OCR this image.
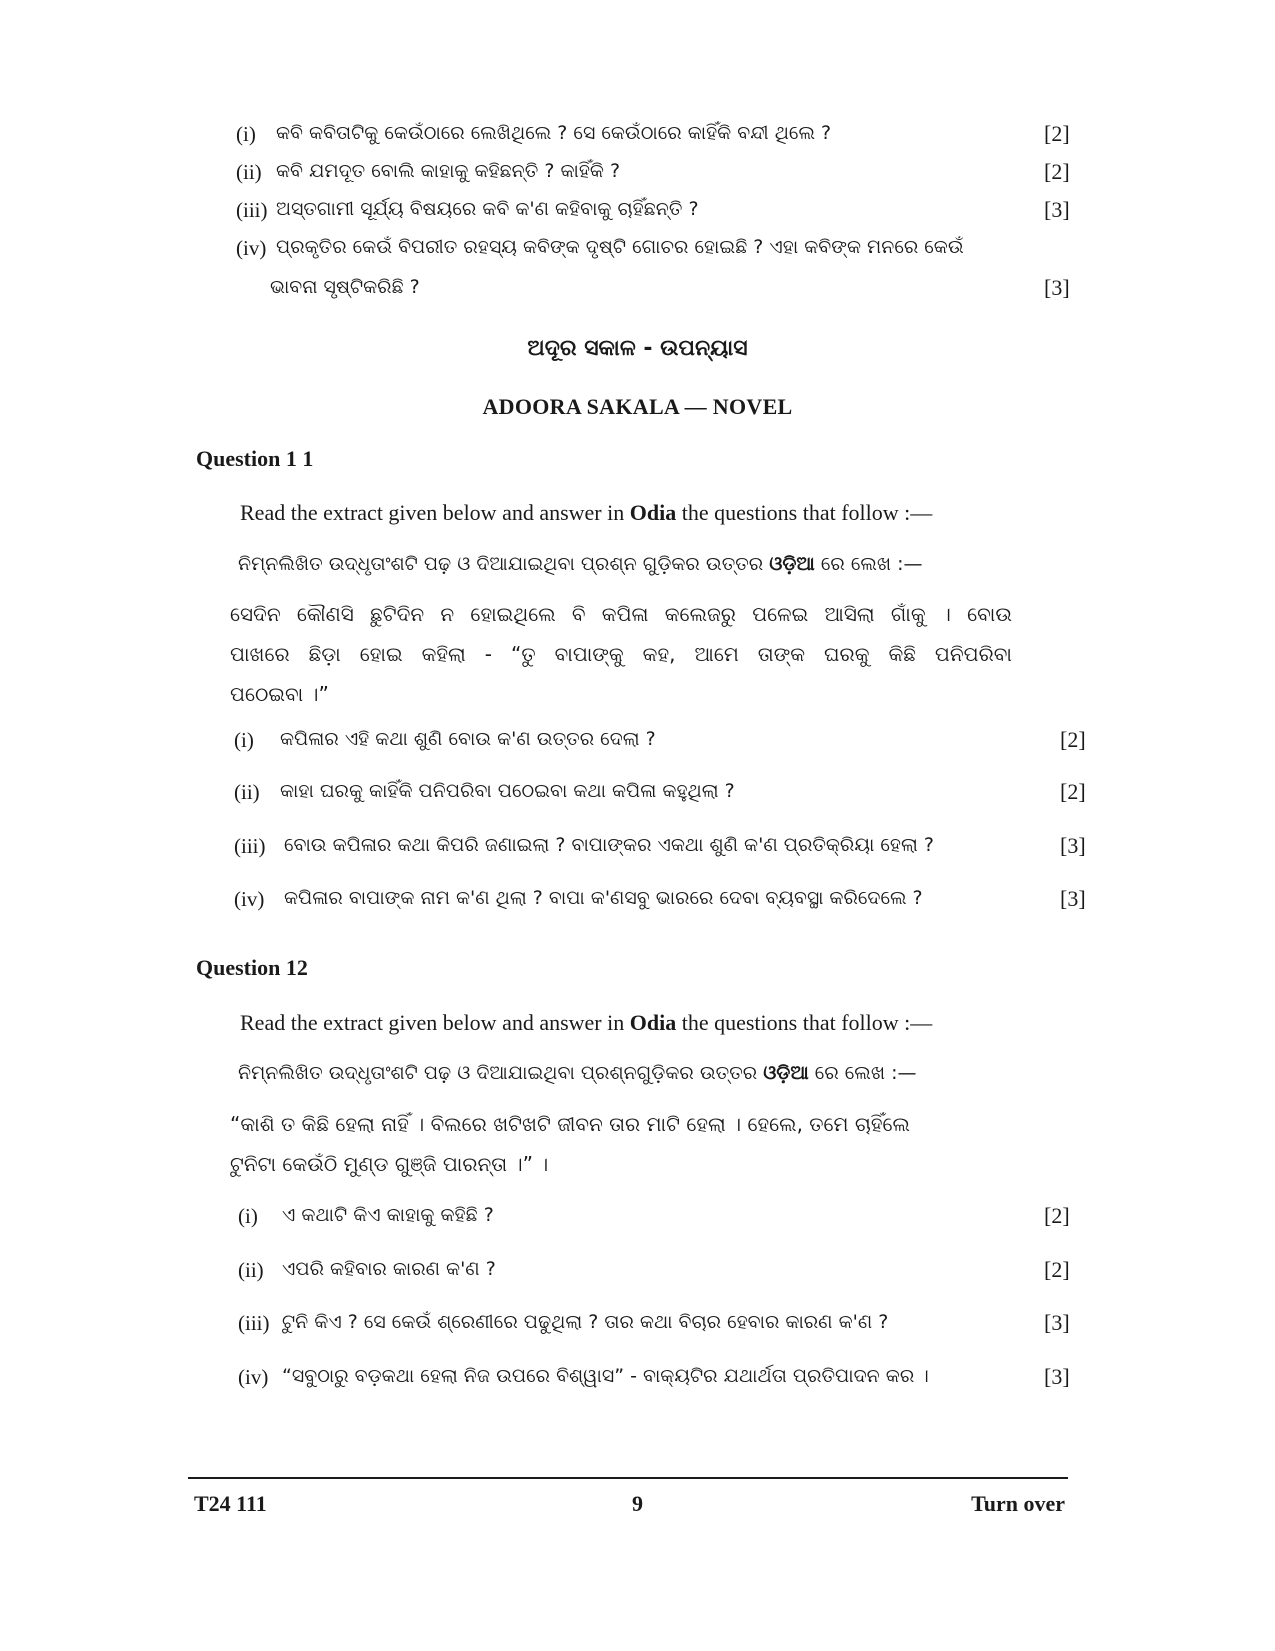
(i) କବି କବିତାଟିକୁ କେଉଁଠାରେ ଲେଖିଥିଲେ ? ସେ କେଉଁଠାରେ କାହିଁକି ବନ୍ଦୀ ଥିଲେ ?	[2]
(ii) କବି ଯମଦୂତ ବୋଲି କାହାକୁ କହିଛନ୍ତି ? କାହିଁକି ?	[2]
(iii) ଅସ୍ତଗାମୀ ସୂର୍ଯ୍ୟ ବିଷୟରେ କବି କ'ଣ କହିବାକୁ ଚାହିଁଛନ୍ତି ?	[3]
(iv) ପ୍ରକୃତିର କେଉଁ ବିପରୀତ ରହସ୍ୟ କବିଙ୍କ ଦୃଷ୍ଟି ଗୋଚର ହୋଇଛି ? ଏହା କବିଙ୍କ ମନରେ କେଉଁ
ଭାବନା ସୃଷ୍ଟିକରିଛି ?	[3]
ଅଦୂର ସକାଳ - ଉପନ୍ୟାସ
ADOORA SAKALA — NOVEL
Question 1 1
Read the extract given below and answer in Odia the questions that follow :—
ନିମ୍ନଲିଖିତ ଉଦ୍ଧୃତାଂଶଟି ପଢ଼ ଓ ଦିଆଯାଇଥିବା ପ୍ରଶ୍ନ ଗୁଡ଼ିକର ଉତ୍ତର ଓଡ଼ିଆ ରେ ଲେଖ :—
ସେଦିନ କୌଣସି ଛୁଟିଦିନ ନ ହୋଇଥିଲେ ବି କପିଳା କଲେଜରୁ ପଳେଇ ଆସିଲା ଗାଁକୁ । ବୋଉ
ପାଖରେ ଛିଡ଼ା ହୋଇ କହିଲା - “ତୁ ବାପାଙ୍କୁ କହ, ଆମେ ତାଙ୍କ ଘରକୁ କିଛି ପନିପରିବା
ପଠେଇବା ।”
(i) କପିଳାର ଏହି କଥା ଶୁଣି ବୋଉ କ'ଣ ଉତ୍ତର ଦେଲା ?	[2]
(ii) କାହା ଘରକୁ କାହିଁକି ପନିପରିବା ପଠେଇବା କଥା କପିଳା କହୁଥିଲା ?	[2]
(iii) ବୋଉ କପିଳାର କଥା କିପରି ଜଣାଇଲା ? ବାପାଙ୍କର ଏକଥା ଶୁଣି କ'ଣ ପ୍ରତିକ୍ରିୟା ହେଲା ?	[3]
(iv) କପିଳାର ବାପାଙ୍କ ନାମ କ'ଣ ଥିଲା ? ବାପା କ'ଣସବୁ ଭାରରେ ଦେବା ବ୍ୟବସ୍ଥା କରିଦେଲେ ?	[3]
Question 12
Read the extract given below and answer in Odia the questions that follow :—
ନିମ୍ନଲିଖିତ ଉଦ୍ଧୃତାଂଶଟି ପଢ଼ ଓ ଦିଆଯାଇଥିବା ପ୍ରଶ୍ନଗୁଡ଼ିକର ଉତ୍ତର ଓଡ଼ିଆ ରେ ଲେଖ :—
“କାଶି ତ କିଛି ହେଲା ନାହିଁ । ବିଲରେ ଖଟିଖଟି ଜୀବନ ତାର ମାଟି ହେଲା । ହେଲେ, ତମେ ଚାହିଁଲେ
ଟୁନିଟା କେଉଁଠି ମୁଣ୍ଡ ଗୁଞ୍ଜି ପାରନ୍ତା ।” ।
(i) ଏ କଥାଟି କିଏ କାହାକୁ କହିଛି ?	[2]
(ii) ଏପରି କହିବାର କାରଣ କ'ଣ ?	[2]
(iii) ଟୁନି କିଏ ? ସେ କେଉଁ ଶ୍ରେଣୀରେ ପଢୁଥିଲା ? ତାର କଥା ବିଚାର ହେବାର କାରଣ କ'ଣ ?	[3]
(iv) “ସବୁଠାରୁ ବଡ଼କଥା ହେଲା ନିଜ ଉପରେ ବିଶ୍ୱାସ” - ବାକ୍ୟଟିର ଯଥାର୍ଥତା ପ୍ରତିପାଦନ କର ।	[3]
T24 111	9	Turn over
